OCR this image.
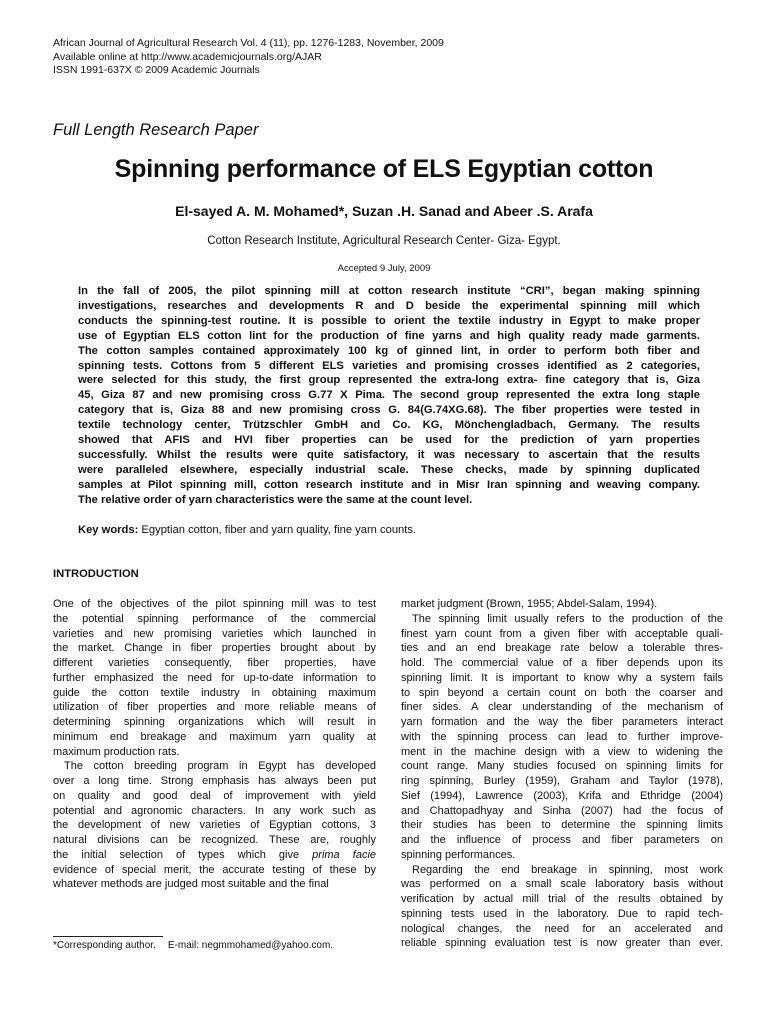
African Journal of Agricultural Research Vol. 4 (11), pp. 1276-1283, November, 2009
Available online at http://www.academicjournals.org/AJAR
ISSN 1991-637X © 2009 Academic Journals
Full Length Research Paper
Spinning performance of ELS Egyptian cotton
El-sayed A. M. Mohamed*, Suzan .H. Sanad and Abeer .S. Arafa
Cotton Research Institute, Agricultural Research Center- Giza- Egypt.
Accepted 9 July, 2009
In the fall of 2005, the pilot spinning mill at cotton research institute “CRI”, began making spinning
investigations, researches and developments R and D beside the experimental spinning mill which
conducts the spinning-test routine. It is possible to orient the textile industry in Egypt to make proper
use of Egyptian ELS cotton lint for the production of fine yarns and high quality ready made garments.
The cotton samples contained approximately 100 kg of ginned lint, in order to perform both fiber and
spinning tests. Cottons from 5 different ELS varieties and promising crosses identified as 2 categories,
were selected for this study, the first group represented the extra-long extra- fine category that is, Giza
45, Giza 87 and new promising cross G.77 X Pima. The second group represented the extra long staple
category that is, Giza 88 and new promising cross G. 84(G.74XG.68). The fiber properties were tested in
textile technology center, Trützschler GmbH and Co. KG, Mönchengladbach, Germany. The results
showed that AFIS and HVI fiber properties can be used for the prediction of yarn properties
successfully. Whilst the results were quite satisfactory, it was necessary to ascertain that the results
were paralleled elsewhere, especially industrial scale. These checks, made by spinning duplicated
samples at Pilot spinning mill, cotton research institute and in Misr Iran spinning and weaving company.
The relative order of yarn characteristics were the same at the count level.
Key words: Egyptian cotton, fiber and yarn quality, fine yarn counts.
INTRODUCTION
One of the objectives of the pilot spinning mill was to test
the potential spinning performance of the commercial
varieties and new promising varieties which launched in
the market. Change in fiber properties brought about by
different varieties consequently, fiber properties, have
further emphasized the need for up-to-date information to
guide the cotton textile industry in obtaining maximum
utilization of fiber properties and more reliable means of
determining spinning organizations which will result in
minimum end breakage and maximum yarn quality at
maximum production rats.
The cotton breeding program in Egypt has developed
over a long time. Strong emphasis has always been put
on quality and good deal of improvement with yield
potential and agronomic characters. In any work such as
the development of new varieties of Egyptian cottons, 3
natural divisions can be recognized. These are, roughly
the initial selection of types which give prima facie
evidence of special merit, the accurate testing of these by
whatever methods are judged most suitable and the final
market judgment (Brown, 1955; Abdel-Salam, 1994).
The spinning limit usually refers to the production of the
finest yarn count from a given fiber with acceptable quali-
ties and an end breakage rate below a tolerable thres-
hold. The commercial value of a fiber depends upon its
spinning limit. It is important to know why a system fails
to spin beyond a certain count on both the coarser and
finer sides. A clear understanding of the mechanism of
yarn formation and the way the fiber parameters interact
with the spinning process can lead to further improve-
ment in the machine design with a view to widening the
count range. Many studies focused on spinning limits for
ring spinning, Burley (1959), Graham and Taylor (1978),
Sief (1994), Lawrence (2003), Krifa and Ethridge (2004)
and Chattopadhyay and Sinha (2007) had the focus of
their studies has been to determine the spinning limits
and the influence of process and fiber parameters on
spinning performances.
Regarding the end breakage in spinning, most work
was performed on a small scale laboratory basis without
verification by actual mill trial of the results obtained by
spinning tests used in the laboratory. Due to rapid tech-
nological changes, the need for an accelerated and
reliable spinning evaluation test is now greater than ever.
*Corresponding author. E-mail: negmmohamed@yahoo.com.
